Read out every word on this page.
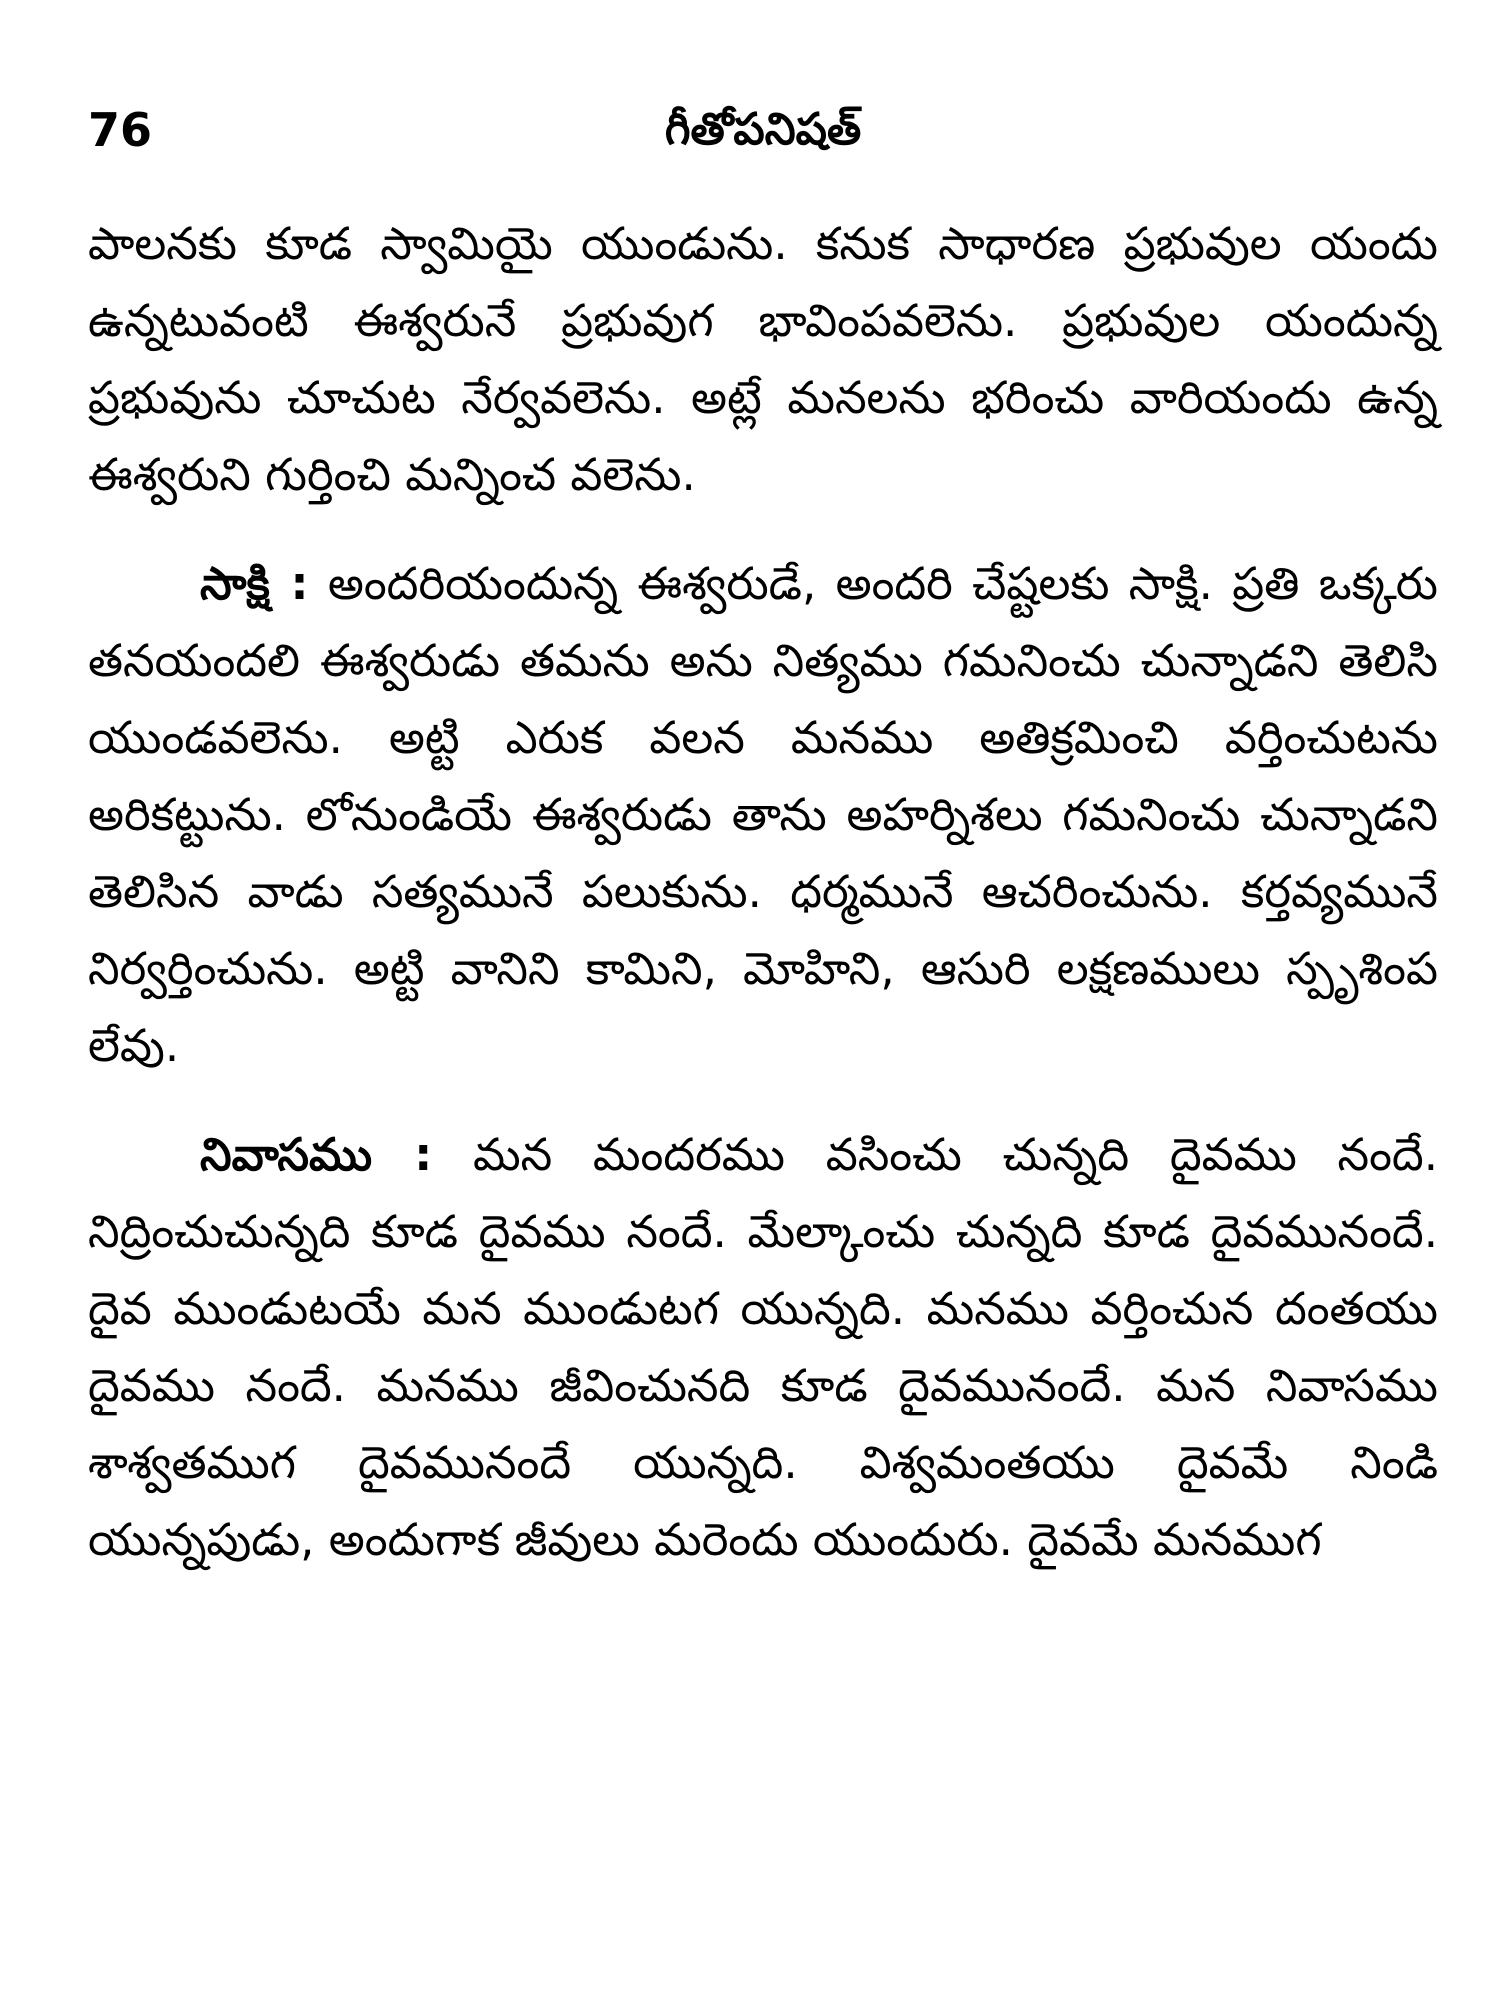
76	గీతోపనిషత్

పాలనకు కూడ స్వామియై యుండును. కనుక సాధారణ ప్రభువుల యందు ఉన్నటువంటి ఈశ్వరునే ప్రభువుగ భావింపవలెను. ప్రభువుల యందున్న ప్రభువును చూచుట నేర్వవలెను. అట్లే మనలను భరించు వారియందు ఉన్న ఈశ్వరుని గుర్తించి మన్నించ వలెను.

సాక్షి : అందరియందున్న ఈశ్వరుడే, అందరి చేష్టలకు సాక్షి. ప్రతి ఒక్కరు తనయందలి ఈశ్వరుడు తమను అను నిత్యము గమనించు చున్నాడని తెలిసి యుండవలెను. అట్టి ఎరుక వలన మనము అతిక్రమించి వర్తించుటను అరికట్టును. లోనుండియే ఈశ్వరుడు తాను అహర్నిశలు గమనించు చున్నాడని తెలిసిన వాడు సత్యమునే పలుకును. ధర్మమునే ఆచరించును. కర్తవ్యమునే నిర్వర్తించును. అట్టి వానిని కామిని, మోహిని, ఆసురి లక్షణములు స్పృశింప లేవు.

నివాసము : మన మందరము వసించు చున్నది దైవము నందే. నిద్రించుచున్నది కూడ దైవము నందే. మేల్కాంచు చున్నది కూడ దైవమునందే. దైవ ముండుటయే మన ముండుటగ యున్నది. మనము వర్తించున దంతయు దైవము నందే. మనము జీవించునది కూడ దైవమునందే. మన నివాసము శాశ్వతముగ దైవమునందే యున్నది. విశ్వమంతయు దైవమే నిండి యున్నపుడు, అందుగాక జీవులు మరెందు యుందురు. దైవమే మనముగ
